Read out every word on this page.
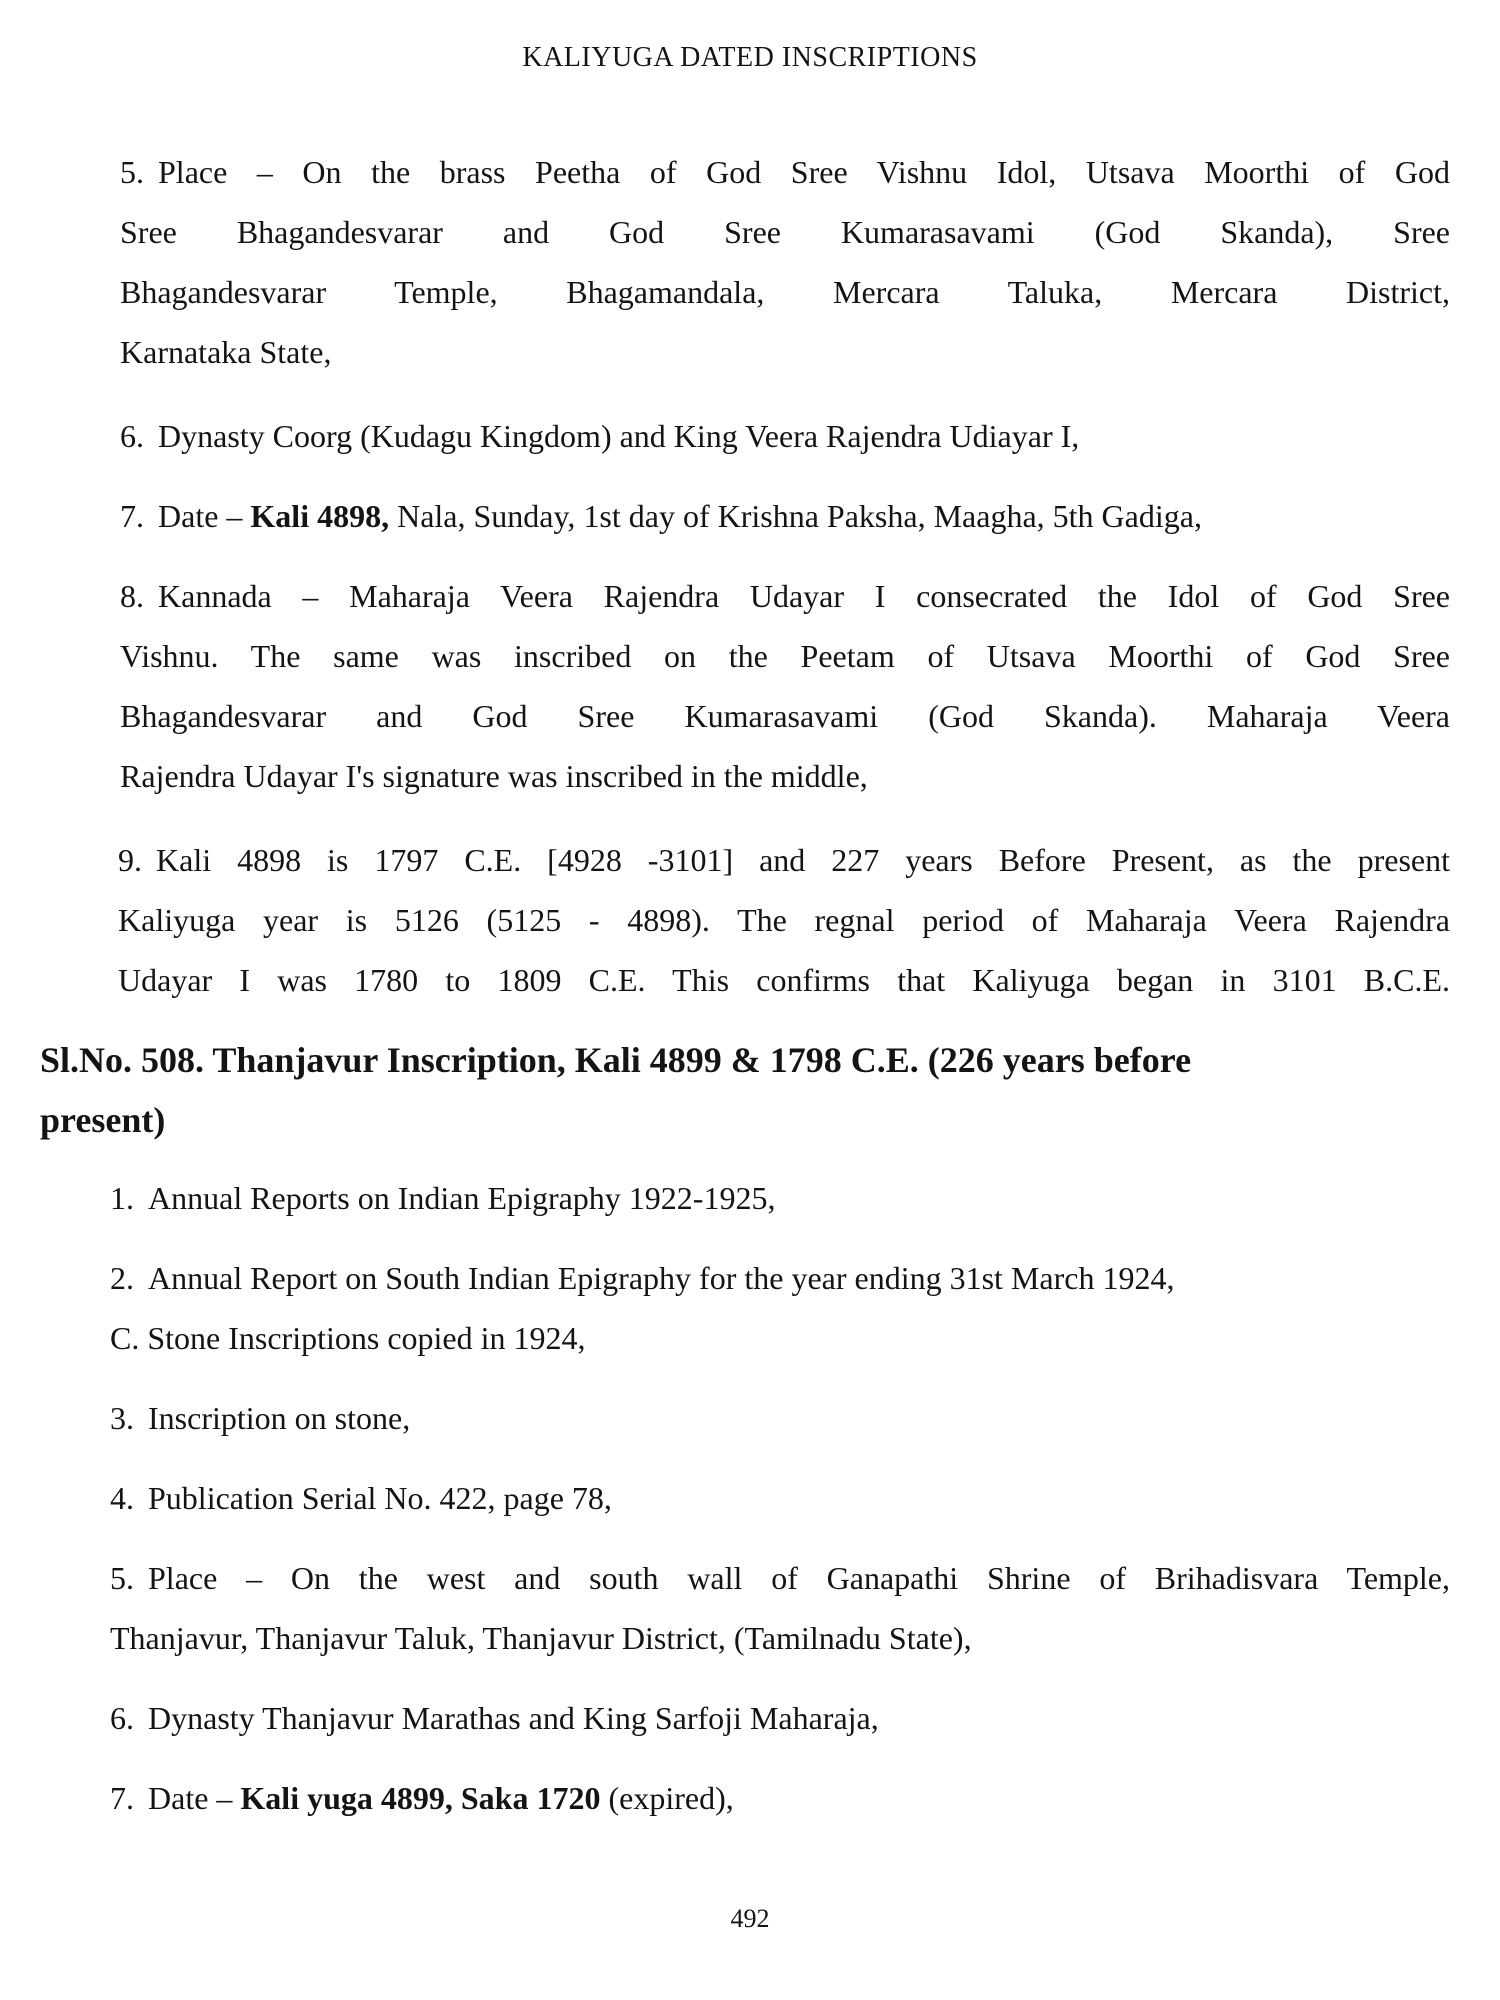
KALIYUGA DATED INSCRIPTIONS
5. Place – On the brass Peetha of God Sree Vishnu Idol, Utsava Moorthi of God
Sree Bhagandesvarar and God Sree Kumarasavami (God Skanda), Sree
Bhagandesvarar Temple, Bhagamandala, Mercara Taluka, Mercara District,
Karnataka State,
6. Dynasty Coorg (Kudagu Kingdom) and King Veera Rajendra Udiayar I,
7. Date – Kali 4898, Nala, Sunday, 1st day of Krishna Paksha, Maagha, 5th Gadiga,
8. Kannada – Maharaja Veera Rajendra Udayar I consecrated the Idol of God Sree
Vishnu. The same was inscribed on the Peetam of Utsava Moorthi of God Sree
Bhagandesvarar and God Sree Kumarasavami (God Skanda). Maharaja Veera
Rajendra Udayar I's signature was inscribed in the middle,
9. Kali 4898 is 1797 C.E. [4928 -3101] and 227 years Before Present, as the present
Kaliyuga year is 5126 (5125 - 4898). The regnal period of Maharaja Veera Rajendra
Udayar I was 1780 to 1809 C.E. This confirms that Kaliyuga began in 3101 B.C.E.
Sl.No. 508. Thanjavur Inscription, Kali 4899 & 1798 C.E. (226 years before
present)
1. Annual Reports on Indian Epigraphy 1922-1925,
2. Annual Report on South Indian Epigraphy for the year ending 31st March 1924,
C. Stone Inscriptions copied in 1924,
3. Inscription on stone,
4. Publication Serial No. 422, page 78,
5. Place – On the west and south wall of Ganapathi Shrine of Brihadisvara Temple,
Thanjavur, Thanjavur Taluk, Thanjavur District, (Tamilnadu State),
6. Dynasty Thanjavur Marathas and King Sarfoji Maharaja,
7. Date – Kali yuga 4899, Saka 1720 (expired),
492
